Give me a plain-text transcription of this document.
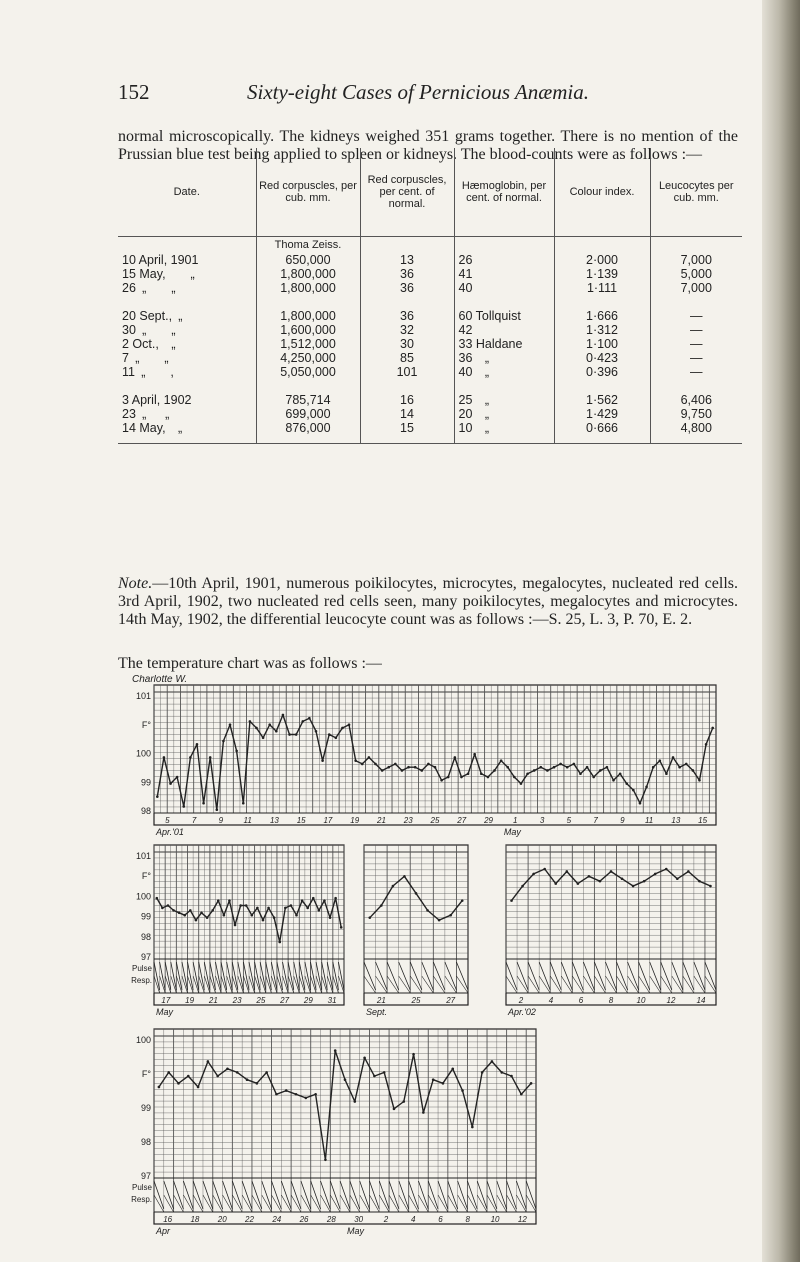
152	Sixty-eight Cases of Pernicious Anæmia.
normal microscopically. The kidneys weighed 351 grams together. There is no mention of the Prussian blue test being applied to spleen or kidneys. The blood-counts were as follows :—
Date.	Red corpuscles, per cub. mm.	Red corpuscles, per cent. of normal.	Hæmoglobin, per cent. of normal.	Colour index.	Leucocytes per cub. mm.
	Thoma Zeiss.				
10 April, 1901	650,000	13	26	2·000	7,000
15 May,  „	1,800,000	36	41	1·139	5,000
26 „  „	1,800,000	36	40	1·111	7,000

20 Sept., „	1,800,000	36	60 Tollquist	1·666	—
30 „  „	1,600,000	32	42	1·312	—
2 Oct., „	1,512,000	30	33 Haldane	1·100	—
7 „  „	4,250,000	85	36 „	0·423	—
11 „  ,	5,050,000	101	40 „	0·396	—

3 April, 1902	785,714	16	25 „	1·562	6,406
23 „  „	699,000	14	20 „	1·429	9,750
14 May, „	876,000	15	10 „	0·666	4,800
Note.—10th April, 1901, numerous poikilocytes, microcytes, megalocytes, nucleated red cells. 3rd April, 1902, two nucleated red cells seen, many poikilocytes, megalocytes and microcytes. 14th May, 1902, the differential leucocyte count was as follows :—S. 25, L. 3, P. 70, E. 2.
The temperature chart was as follows :—
Charlotte W.
5	7	9	11 13 15 17 19 21 23 25 27 29	1	3	5	7	9	11 13 15
Apr.'01	May
101
F°
100
99
98
17 19 21 23 25 27 29 31
May
101
F°
100
99
98
97
Pulse
Resp.
21	25	27
Sept.
2	4	6	8	10	12	14
Apr.'02
16 18 20 22 24 26 28 30	2	4	6	8	10 12
Apr	May
100
F°
99
98
97
Pulse
Resp.
